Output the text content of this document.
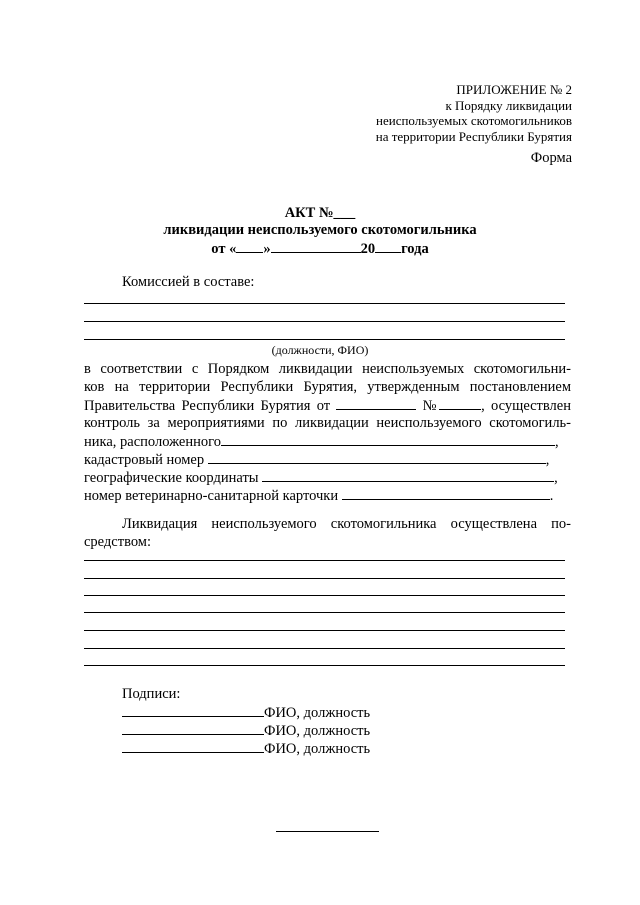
ПРИЛОЖЕНИЕ № 2
к Порядку ликвидации
неиспользуемых скотомогильников
на территории Республики Бурятия
Форма
АКТ №___
ликвидации неиспользуемого скотомогильника
от « »	20 года
Комиссией в составе:
(должности, ФИО)
в соответствии с Порядком ликвидации неиспользуемых скотомогильни-
ков на территории Республики Бурятия, утвержденным постановлением
Правительства Республики Бурятия от	№	, осуществлен
контроль за мероприятиями по ликвидации неиспользуемого скотомогиль-
ника, расположенного	,
кадастровый номер	,
географические координаты	,
номер ветеринарно-санитарной карточки	.
Ликвидация неиспользуемого скотомогильника осуществлена по-
средством:
Подписи:
ФИО, должность
ФИО, должность
ФИО, должность
